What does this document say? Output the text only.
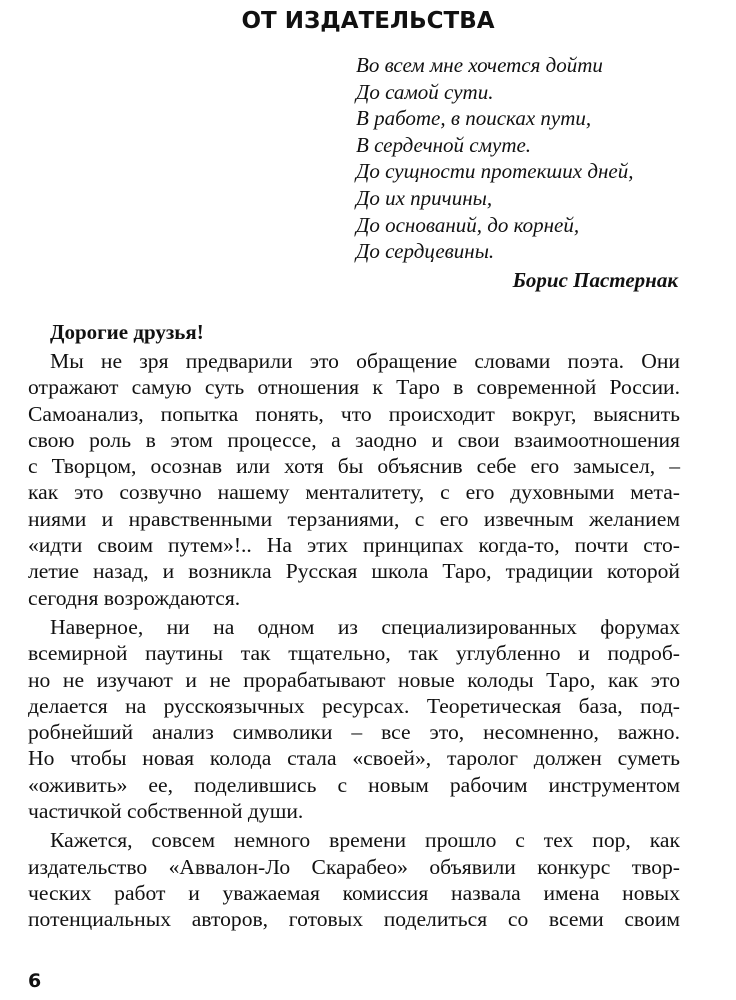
ОТ ИЗДАТЕЛЬСТВА
Во всем мне хочется дойти
До самой сути.
В работе, в поисках пути,
В сердечной смуте.
До сущности протекших дней,
До их причины,
До оснований, до корней,
До сердцевины.
Борис Пастернак
Дорогие друзья!
Мы не зря предварили это обращение словами поэта. Они
отражают самую суть отношения к Таро в современной России.
Самоанализ, попытка понять, что происходит вокруг, выяснить
свою роль в этом процессе, а заодно и свои взаимоотношения
с Творцом, осознав или хотя бы объяснив себе его замысел, –
как это созвучно нашему менталитету, с его духовными мета-
ниями и нравственными терзаниями, с его извечным желанием
«идти своим путем»!.. На этих принципах когда-то, почти сто-
летие назад, и возникла Русская школа Таро, традиции которой
сегодня возрождаются.
Наверное, ни на одном из специализированных форумах
всемирной паутины так тщательно, так углубленно и подроб-
но не изучают и не прорабатывают новые колоды Таро, как это
делается на русскоязычных ресурсах. Теоретическая база, под-
робнейший анализ символики – все это, несомненно, важно.
Но чтобы новая колода стала «своей», таролог должен суметь
«оживить» ее, поделившись с новым рабочим инструментом
частичкой собственной души.
Кажется, совсем немного времени прошло с тех пор, как
издательство «Аввалон-Ло Скарабео» объявили конкурс твор-
ческих работ и уважаемая комиссия назвала имена новых
потенциальных авторов, готовых поделиться со всеми своим
6
